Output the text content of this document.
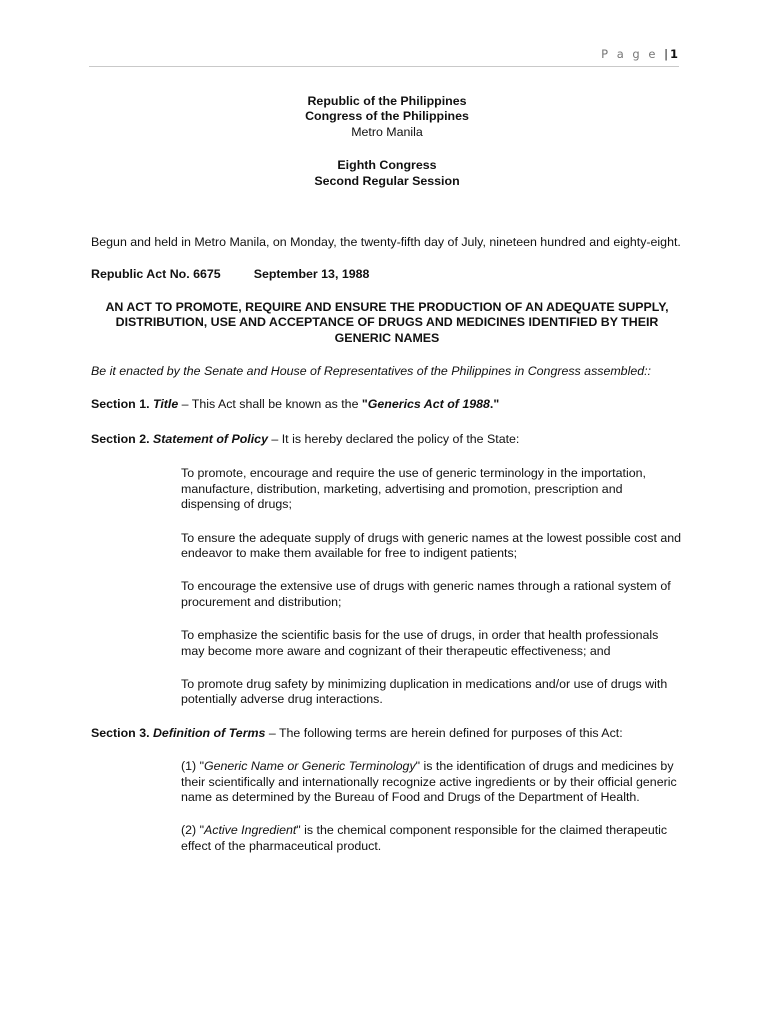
P a g e | 1

Republic of the Philippines

Congress of the Philippines

Metro Manila

Eighth Congress

Second Regular Session

Begun and held in Metro Manila, on Monday, the twenty-fifth day of July, nineteen hundred and eighty-eight.

Republic Act No. 6675	September 13, 1988

AN ACT TO PROMOTE, REQUIRE AND ENSURE THE PRODUCTION OF AN ADEQUATE SUPPLY, DISTRIBUTION, USE AND ACCEPTANCE OF DRUGS AND MEDICINES IDENTIFIED BY THEIR GENERIC NAMES

Be it enacted by the Senate and House of Representatives of the Philippines in Congress assembled::

Section 1. Title – This Act shall be known as the "Generics Act of 1988."

Section 2. Statement of Policy – It is hereby declared the policy of the State:

To promote, encourage and require the use of generic terminology in the importation, manufacture, distribution, marketing, advertising and promotion, prescription and dispensing of drugs;

To ensure the adequate supply of drugs with generic names at the lowest possible cost and endeavor to make them available for free to indigent patients;

To encourage the extensive use of drugs with generic names through a rational system of procurement and distribution;

To emphasize the scientific basis for the use of drugs, in order that health professionals may become more aware and cognizant of their therapeutic effectiveness; and

To promote drug safety by minimizing duplication in medications and/or use of drugs with potentially adverse drug interactions.

Section 3. Definition of Terms – The following terms are herein defined for purposes of this Act:

(1) "Generic Name or Generic Terminology" is the identification of drugs and medicines by their scientifically and internationally recognize active ingredients or by their official generic name as determined by the Bureau of Food and Drugs of the Department of Health.

(2) "Active Ingredient" is the chemical component responsible for the claimed therapeutic effect of the pharmaceutical product.
